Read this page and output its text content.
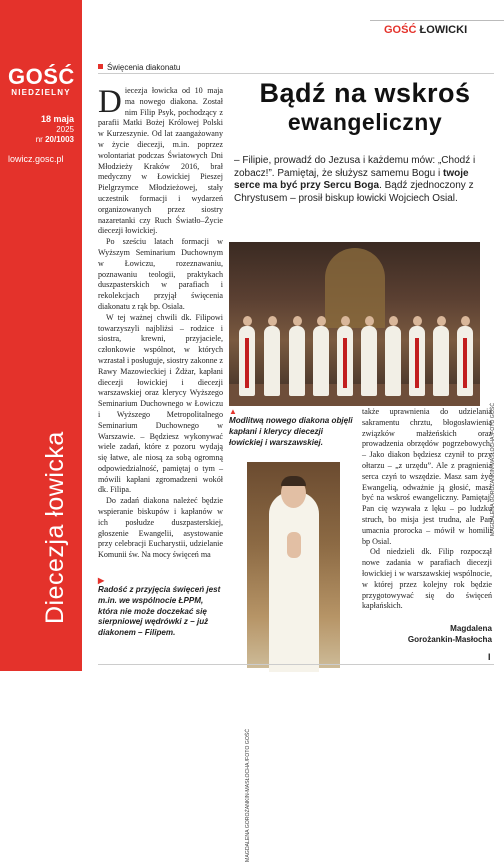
GOŚĆ
NIEDZIELNY
18 maja
2025
nr 20/1003
lowicz.gosc.pl
Diecezja łowicka
GOŚĆ ŁOWICKI
Święcenia diakonatu

Diecezja łowicka od 10 maja ma nowego diakona. Został nim Filip Psyk, pochodzący z parafii Matki Bożej Królowej Polski w Kurzeszynie. Od lat zaangażowany w życie diecezji, m.in. poprzez wolontariat podczas Światowych Dni Młodzieży Kraków 2016, brał medyczny w Łowickiej Pieszej Pielgrzymce Młodzieżowej, stały uczestnik formacji i wydarzeń organizowanych przez siostry nazaretanki czy Ruch Światło–Życie diecezji łowickiej.

Po sześciu latach formacji w Wyższym Seminarium Duchownym w Łowiczu, rozeznawaniu, poznawaniu teologii, praktykach duszpasterskich w parafiach i rekolekcjach przyjął święcenia diakonatu z rąk bp. Osiala.

W tej ważnej chwili dk. Filipowi towarzyszyli najbliżsi – rodzice i siostra, krewni, przyjaciele, członkowie wspólnot, w których wzrastał i posługuje, siostry zakonne z Rawy Mazowieckiej i Żdżar, kapłani diecezji łowickiej i diecezji warszawskiej oraz klerycy Wyższego Seminarium Duchownego w Łowiczu i Wyższego Metropolitalnego Seminarium Duchownego w Warszawie. – Będziesz wykonywać wiele zadań, które z pozoru wydają się łatwe, ale niosą za sobą ogromną odpowiedzialność, pamiętaj o tym – mówili kapłani zgromadzeni wokół dk. Filipa.

Do zadań diakona należeć będzie wspieranie biskupów i kapłanów w ich posłudze duszpasterskiej, głoszenie Ewangelii, asystowanie przy celebracji Eucharystii, udzielanie Komunii św. Na mocy święceń ma

▶
Radość z przyjęcia święceń jest m.in. we wspólnocie ŁPPM, która nie może doczekać się sierpniowej wędrówki z – już diakonem – Filipem.
Bądź na wskroś
ewangeliczny
– Filipie, prowadź do Jezusa i każdemu mów: „Chodź i zobacz!”. Pamiętaj, że służysz samemu Bogu i twoje serce ma być przy Sercu Boga. Bądź zjednoczony z Chrystusem – prosił biskup łowicki Wojciech Osial.
MAGDALENA GOROŻANKIN-MASŁOCHA /FOTO GOŚĆ
▲
Modlitwą nowego diakona objęli kapłani i klerycy diecezji łowickiej i warszawskiej.
MAGDALENA GOROŻANKIN-MASŁOCHA /FOTO GOŚĆ

także uprawnienia do udzielania sakramentu chrztu, błogosławienia związków małżeńskich oraz prowadzenia obrzędów pogrzebowych. – Jako diakon będziesz czynił to przy ołtarzu – „z urzędu”. Ale z pragnienia serca czyń to wszędzie. Masz sam żyć Ewangelią, odważnie ją głosić, masz być na wskroś ewangeliczny. Pamiętaj. Pan cię wzywała z lęku – po ludzku struch, bo misja jest trudna, ale Pan umacnia prorocka – mówił w homilii bp Osial.

Od niedzieli dk. Filip rozpoczął nowe zadania w parafiach diecezji łowickiej i w warszawskiej wspólnocie, w której przez kolejny rok będzie przygotowywać się do święceń kapłańskich.

Magdalena
Gorożankin-Masłocha
I
